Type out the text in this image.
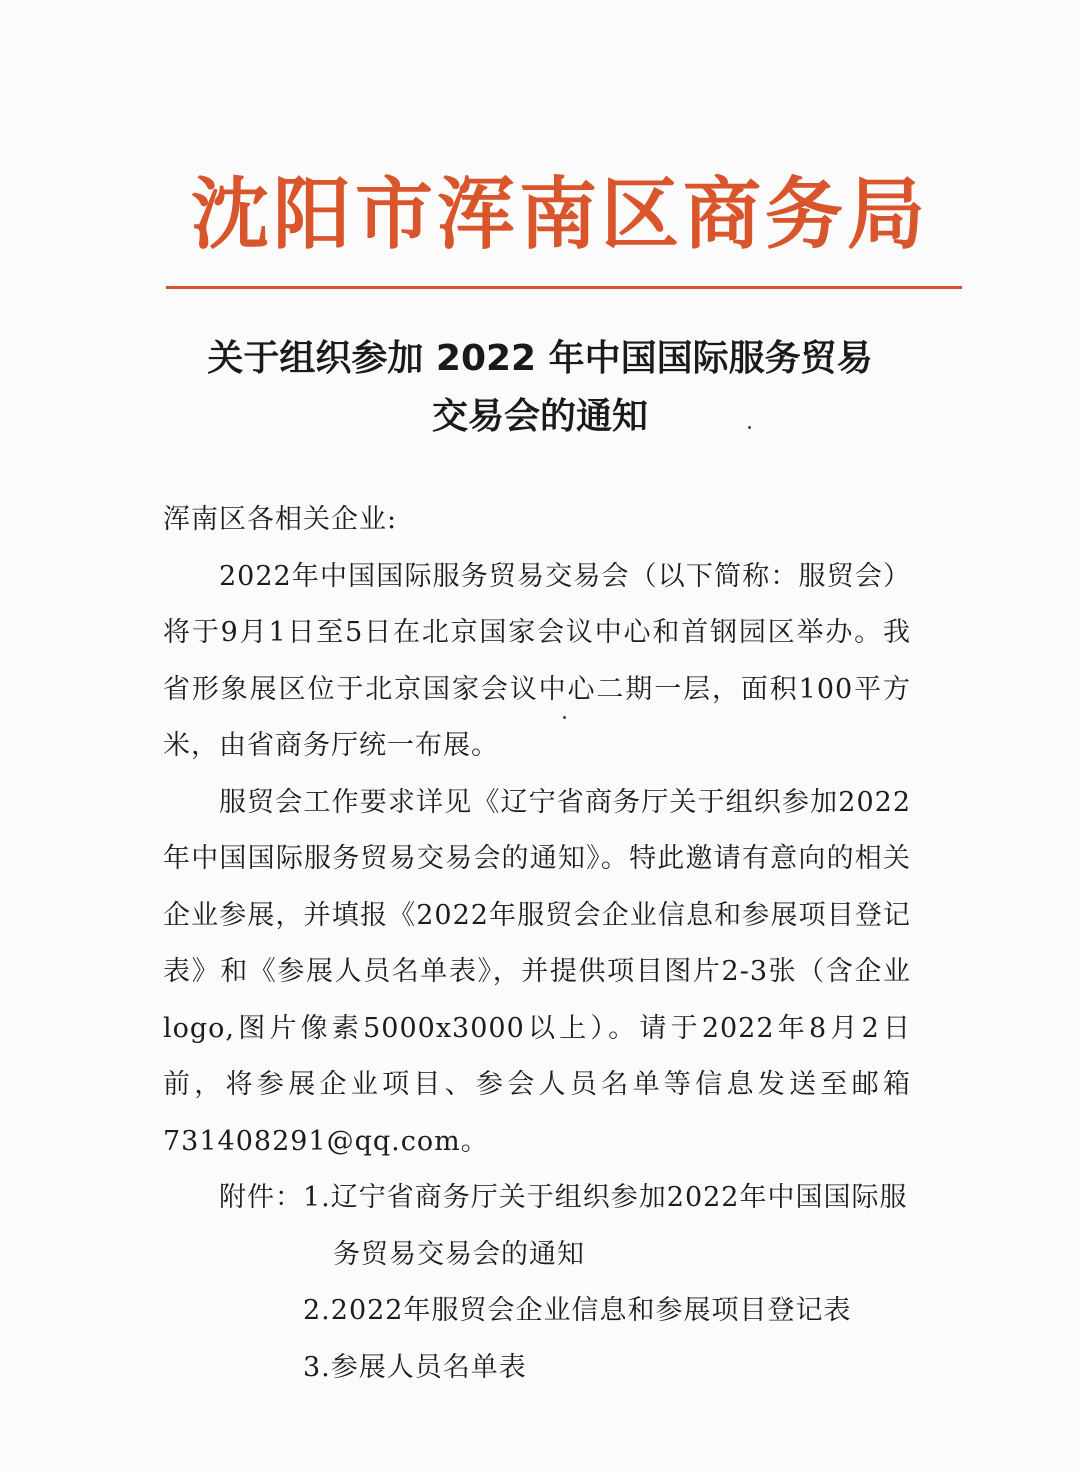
沈阳市浑南区商务局
关于组织参加 2022 年中国国际服务贸易
交易会的通知
浑南区各相关企业:
2022年中国国际服务贸易交易会（以下简称：服贸会）将于9月1日至5日在北京国家会议中心和首钢园区举办。我省形象展区位于北京国家会议中心二期一层，面积100平方米，由省商务厅统一布展。
服贸会工作要求详见《辽宁省商务厅关于组织参加2022年中国国际服务贸易交易会的通知》。特此邀请有意向的相关企业参展，并填报《2022年服贸会企业信息和参展项目登记表》和《参展人员名单表》，并提供项目图片2-3张（含企业logo,图片像素5000x3000以上）。请于2022年8月2日前，将参展企业项目、参会人员名单等信息发送至邮箱731408291@qq.com。
附件：1.辽宁省商务厅关于组织参加2022年中国国际服
务贸易交易会的通知
2.2022年服贸会企业信息和参展项目登记表
3.参展人员名单表
